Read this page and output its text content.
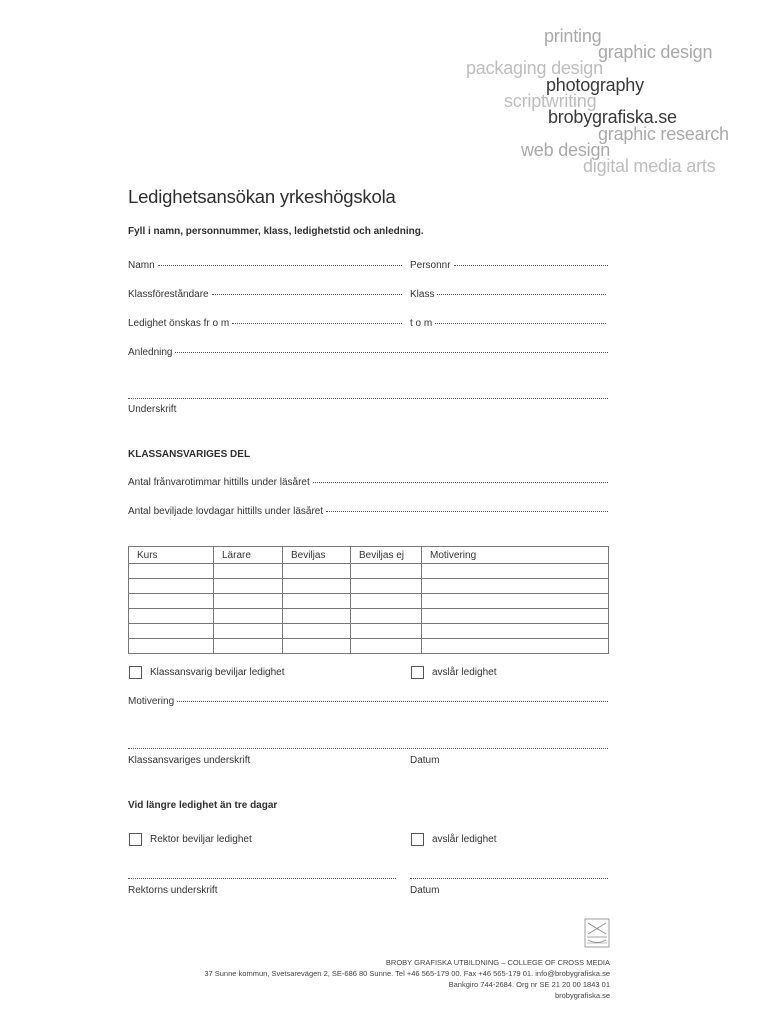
printing
graphic design
packaging design
photography
scriptwriting
brobygrafiska.se
graphic research
web design
digital media arts
Ledighetsansökan yrkeshögskola
Fyll i namn, personnummer, klass, ledighetstid och anledning.
Namn	Personnr
Klassföreståndare	Klass
Ledighet önskas fr o m	t o m
Anledning
Underskrift
KLASSANSVARIGES DEL
Antal frånvarotimmar hittills under läsåret
Antal beviljade lovdagar hittills under läsåret
Kurs	Lärare	Beviljas	Beviljas ej	Motivering

Klassansvarig beviljar ledighet	avslår ledighet
Motivering
Klassansvariges underskrift	Datum
Vid längre ledighet än tre dagar
Rektor beviljar ledighet	avslår ledighet
Rektorns underskrift	Datum
BROBY GRAFISKA UTBILDNING – COLLEGE OF CROSS MEDIA
37 Sunne kommun, Svetsarevägen 2, SE-686 80 Sunne. Tel +46 565-179 00. Fax +46 565-179 01. info@brobygrafiska.se
Bankgiro 744-2684. Org nr SE 21 20 00 1843 01
brobygrafiska.se
